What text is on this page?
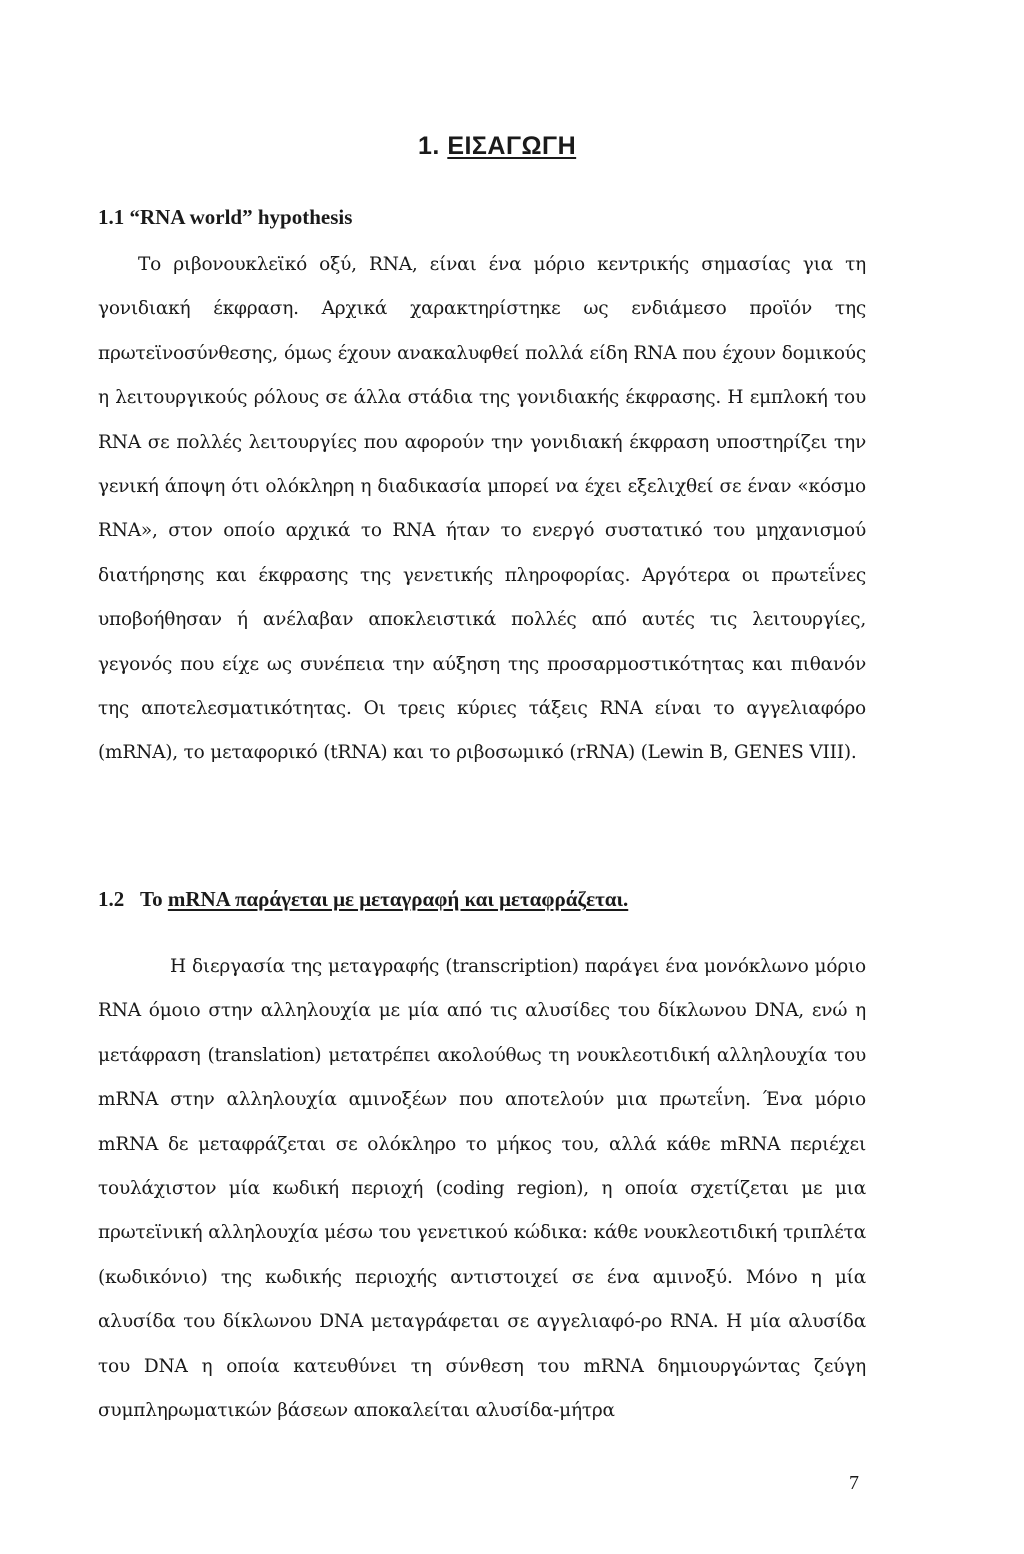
1. ΕΙΣΑΓΩΓΗ
1.1 “RNA world” hypothesis

Το ριβονουκλεϊκό οξύ, RNA, είναι ένα μόριο κεντρικής σημασίας για τη γονιδιακή έκφραση. Αρχικά χαρακτηρίστηκε ως ενδιάμεσο προϊόν της πρωτεϊνοσύνθεσης, όμως έχουν ανακαλυφθεί πολλά είδη RNA που έχουν δομικούς η λειτουργικούς ρόλους σε άλλα στάδια της γονιδιακής έκφρασης. Η εμπλοκή του RNA σε πολλές λειτουργίες που αφορούν την γονιδιακή έκφραση υποστηρίζει την γενική άποψη ότι ολόκληρη η διαδικασία μπορεί να έχει εξελιχθεί σε έναν «κόσμο RNA», στον οποίο αρχικά το RNA ήταν το ενεργό συστατικό του μηχανισμού διατήρησης και έκφρασης της γενετικής πληροφορίας. Αργότερα οι πρωτεΐνες υποβοήθησαν ή ανέλαβαν αποκλειστικά πολλές από αυτές τις λειτουργίες, γεγονός που είχε ως συνέπεια την αύξηση της προσαρμοστικότητας και πιθανόν της αποτελεσματικότητας. Οι τρεις κύριες τάξεις RNA είναι το αγγελιαφόρο (mRNA), το μεταφορικό (tRNA) και το ριβοσωμικό (rRNA) (Lewin B, GENES VIII).

1.2 Το mRNA παράγεται με μεταγραφή και μεταφράζεται.

Η διεργασία της μεταγραφής (transcription) παράγει ένα μονόκλωνο μόριο RNA όμοιο στην αλληλουχία με μία από τις αλυσίδες του δίκλωνου DNA, ενώ η μετάφραση (translation) μετατρέπει ακολούθως τη νουκλεοτιδική αλληλουχία του mRNA στην αλληλουχία αμινοξέων που αποτελούν μια πρωτεΐνη. Ένα μόριο mRNA δε μεταφράζεται σε ολόκληρο το μήκος του, αλλά κάθε mRNA περιέχει τουλάχιστον μία κωδική περιοχή (coding region), η οποία σχετίζεται με μια πρωτεϊνική αλληλουχία μέσω του γενετικού κώδικα: κάθε νουκλεοτιδική τριπλέτα (κωδικόνιο) της κωδικής περιοχής αντιστοιχεί σε ένα αμινοξύ. Μόνο η μία αλυσίδα του δίκλωνου DNA μεταγράφεται σε αγγελιαφό-ρο RNA. Η μία αλυσίδα του DNA η οποία κατευθύνει τη σύνθεση του mRNA δημιουργώντας ζεύγη συμπληρωματικών βάσεων αποκαλείται αλυσίδα-μήτρα

7
